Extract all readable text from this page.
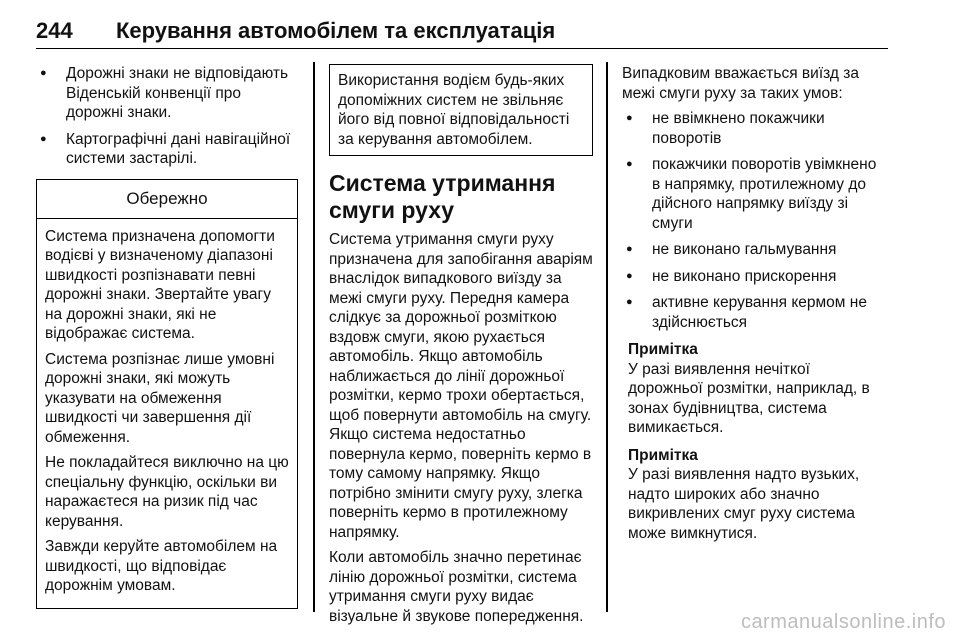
244 Керування автомобілем та експлуатація
● Дорожні знаки не відповідають Віденській конвенції про дорожні знаки.
● Картографічні дані навігаційної системи застарілі.
Обережно

Система призначена допомогти водієві у визначеному діапазоні швидкості розпізнавати певні дорожні знаки. Звертайте увагу на дорожні знаки, які не відображає система.

Система розпізнає лише умовні дорожні знаки, які можуть указувати на обмеження швидкості чи завершення дії обмеження.

Не покладайтеся виключно на цю спеціальну функцію, оскільки ви наражаєтеся на ризик під час керування.

Завжди керуйте автомобілем на швидкості, що відповідає дорожнім умовам.

Використання водієм будь-яких допоміжних систем не звільняє його від повної відповідальності за керування автомобілем.
Система утримання смуги руху

Система утримання смуги руху призначена для запобігання аваріям внаслідок випадкового виїзду за межі смуги руху. Передня камера слідкує за дорожньої розміткою вздовж смуги, якою рухається автомобіль. Якщо автомобіль наближається до лінії дорожньої розмітки, кермо трохи обертається, щоб повернути автомобіль на смугу. Якщо система недостатньо повернула кермо, поверніть кермо в тому самому напрямку. Якщо потрібно змінити смугу руху, злегка поверніть кермо в протилежному напрямку.

Коли автомобіль значно перетинає лінію дорожньої розмітки, система утримання смуги руху видає візуальне й звукове попередження.

Випадковим вважається виїзд за межі смуги руху за таких умов:

● не ввімкнено покажчики поворотів
● покажчики поворотів увімкнено в напрямку, протилежному до дійсного напрямку виїзду зі смуги
● не виконано гальмування
● не виконано прискорення
● активне керування кермом не здійснюється
Примітка

У разі виявлення нечіткої дорожньої розмітки, наприклад, в зонах будівництва, система вимикається.

Примітка

У разі виявлення надто вузьких, надто широких або значно викривлених смуг руху система може вимкнутися.

carmanualsonline.info
